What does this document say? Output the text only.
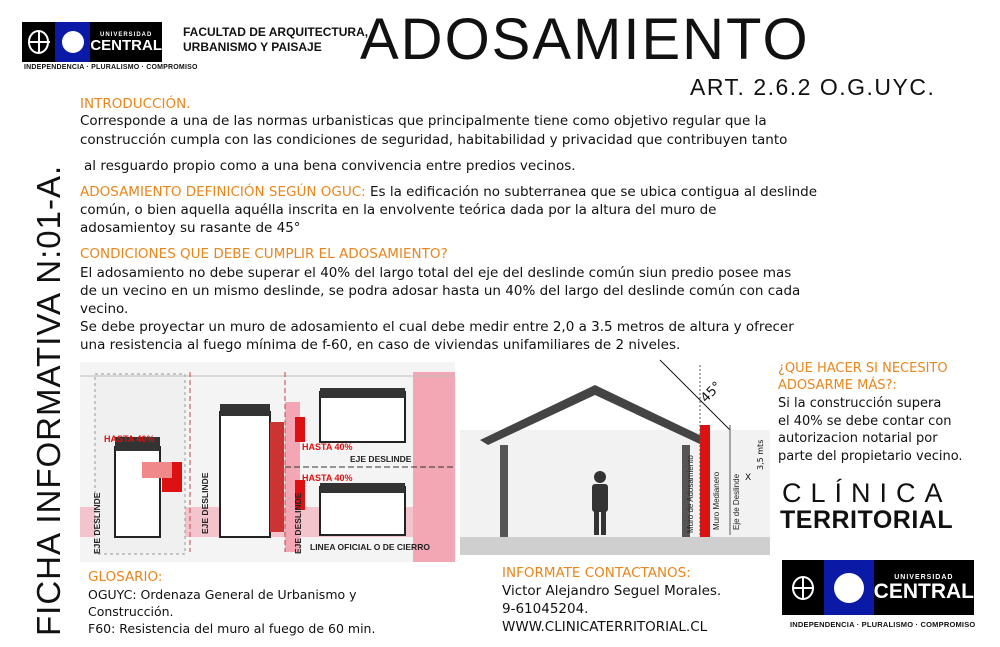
UNIVERSIDAD
CENTRAL
INDEPENDENCIA · PLURALISMO · COMPROMISO
FACULTAD DE ARQUITECTURA,
URBANISMO Y PAISAJE ADOSAMIENTO
ART. 2.6.2 O.G.UYC.
FICHA INFORMATIVA N:01-A.
INTRODUCCIÓN.
Corresponde a una de las normas urbanisticas que principalmente tiene como objetivo regular que la
construcción cumpla con las condiciones de seguridad, habitabilidad y privacidad que contribuyen tanto
al resguardo propio como a una bena convivencia entre predios vecinos.
ADOSAMIENTO DEFINICIÓN SEGÚN OGUC: Es la edificación no subterranea que se ubica contigua al deslinde
común, o bien aquella aquélla inscrita en la envolvente teórica dada por la altura del muro de
adosamientoy su rasante de 45°
CONDICIONES QUE DEBE CUMPLIR EL ADOSAMIENTO?
El adosamiento no debe superar el 40% del largo total del eje del deslinde común siun predio posee mas
de un vecino en un mismo deslinde, se podra adosar hasta un 40% del largo del deslinde común con cada
vecino.
Se debe proyectar un muro de adosamiento el cual debe medir entre 2,0 a 3.5 metros de altura y ofrecer
una resistencia al fuego mínima de f-60, en caso de viviendas unifamiliares de 2 niveles.
HASTA 40%
HASTA 40%
HASTA 40%
EJE DESLINDE
EJE DESLINDE	EJE DESLINDE	EJE DESLINDE LINEA OFICIAL O DE CIERRO
45°
Muro de Adosamiento Muro Medianero Eje de Deslinde X
3,5 mts
¿QUE HACER SI NECESITO
ADOSARME MÁS?:
Si la construcción supera
el 40% se debe contar con
autorizacion notarial por
parte del propietario vecino.
CLÍNICA
TERRITORIAL
GLOSARIO:
OGUYC: Ordenaza General de Urbanismo y
Construcción.
F60: Resistencia del muro al fuego de 60 min.
INFORMATE CONTACTANOS:
Victor Alejandro Seguel Morales.
9-61045204.
WWW.CLINICATERRITORIAL.CL
UNIVERSIDAD
CENTRAL
INDEPENDENCIA · PLURALISMO · COMPROMISO
